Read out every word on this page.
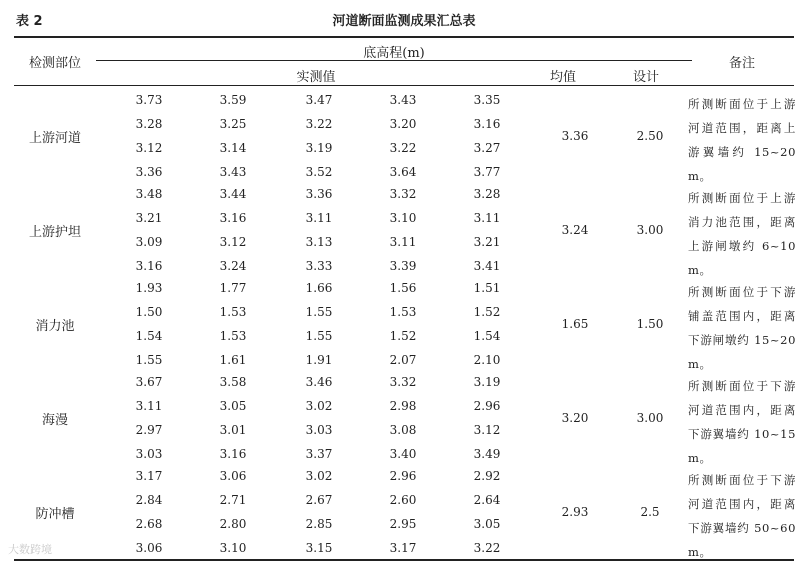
表 2	河道断面监测成果汇总表
检测部位
底高程(m)
实测值	均值	设计
备注
上游河道
3.73	3.59	3.47	3.43	3.35
3.28	3.25	3.22	3.20	3.16
3.12	3.14	3.19	3.22	3.27
3.36	3.43	3.52	3.64	3.77
3.36	2.50
所测断面位于上游河道范围，距离上游翼墙约 15~20m。
上游护坦
3.48	3.44	3.36	3.32	3.28
3.21	3.16	3.11	3.10	3.11
3.09	3.12	3.13	3.11	3.21
3.16	3.24	3.33	3.39	3.41
3.24	3.00
所测断面位于上游消力池范围，距离上游闸墩约 6~10m。
消力池
1.93	1.77	1.66	1.56	1.51
1.50	1.53	1.55	1.53	1.52
1.54	1.53	1.55	1.52	1.54
1.55	1.61	1.91	2.07	2.10
1.65	1.50
所测断面位于下游铺盖范围内，距离下游闸墩约 15~20m。
海漫
3.67	3.58	3.46	3.32	3.19
3.11	3.05	3.02	2.98	2.96
2.97	3.01	3.03	3.08	3.12
3.03	3.16	3.37	3.40	3.49
3.20	3.00
所测断面位于下游河道范围内，距离下游翼墙约 10~15m。
防冲槽
3.17	3.06	3.02	2.96	2.92
2.84	2.71	2.67	2.60	2.64
2.68	2.80	2.85	2.95	3.05
3.06	3.10	3.15	3.17	3.22
2.93	2.5
所测断面位于下游河道范围内，距离下游翼墙约 50~60m。
大数跨境
